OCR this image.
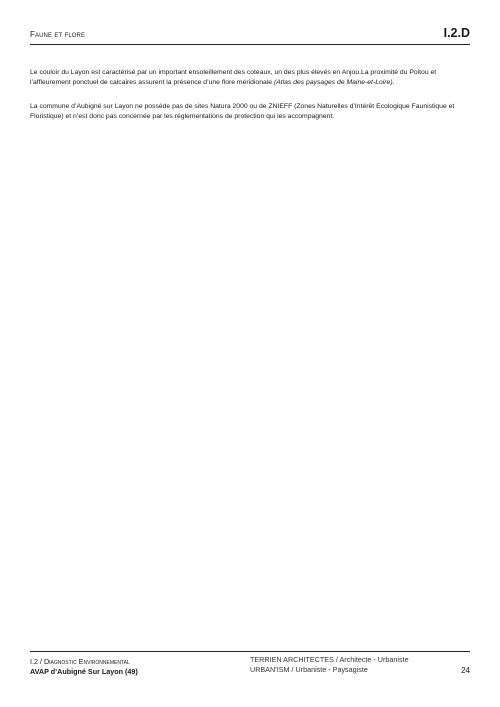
Faune et flore	I.2.D

Le couloir du Layon est caractérisé par un important ensoleillement des coteaux, un des plus élevés en Anjou.La proximité du Poitou et l’affleurement ponctuel de calcaires assurent la présence d’une flore méridionale (Atlas des paysages de Maine-et-Loire).

La commune d’Aubigné sur Layon ne possède pas de sites Natura 2000 ou de ZNIEFF (Zones Naturelles d’Intérêt Ecologique Faunistique et Floristique) et n’est donc pas concernée par les réglementations de protection qui les accompagnent.

I.2 / Diagnostic Environnemental
AVAP d’Aubigné Sur Layon (49)
TERRIEN ARCHITECTES / Architecte - Urbaniste
URBAN’ISM / Urbaniste - Paysagiste	24
